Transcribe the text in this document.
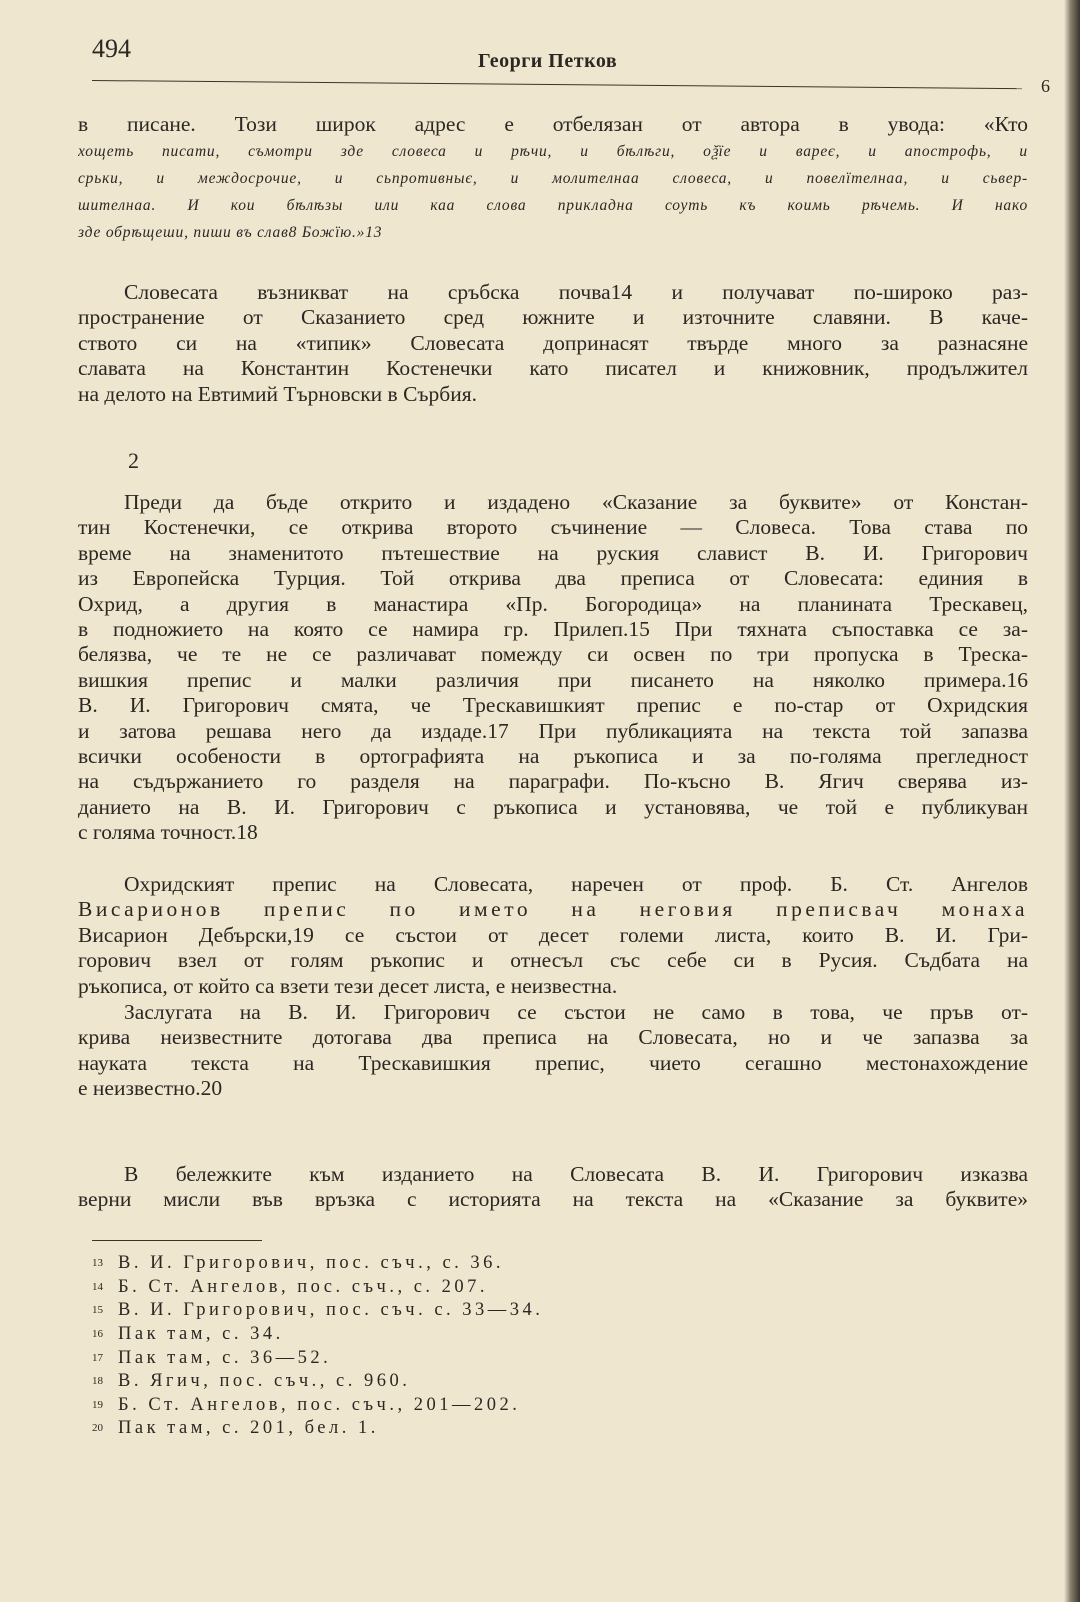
494	Георги Петков
6
в писане. Този широк адрес е отбелязан от автора в увода: «Кто
хощеть писати, съмотри зде словеса и рѣчи, и бѣлѣги, оѯїе и вареє, и апострофь, и
срьки, и междосрочие, и сьпротивныє, и молителнаа словеса, и повелїтелнаа, и сьвер-
шителнаа. И кои бѣлѣзы или каа слова прикладна соуть къ коимь рѣчемь. И нако
зде обрѣщеши, пиши въ слав8 Божїю.»13
Словесата възникват на сръбска почва14 и получават по-широко раз-
пространение от Сказанието сред южните и източните славяни. В каче-
ството си на «типик» Словесата допринасят твърде много за разнасяне
славата на Константин Костенечки като писател и книжовник, продължител
на делото на Евтимий Търновски в Сърбия.
2
Преди да бъде открито и издадено «Сказание за буквите» от Констан-
тин Костенечки, се открива второто съчинение — Словеса. Това става по
време на знаменитото пътешествие на руския славист В. И. Григорович
из Европейска Турция. Той открива два преписа от Словесата: единия в
Охрид, а другия в манастира «Пр. Богородица» на планината Трескавец,
в подножието на която се намира гр. Прилеп.15 При тяхната съпоставка се за-
белязва, че те не се различават помежду си освен по три пропуска в Треска-
вишкия препис и малки различия при писането на няколко примера.16
В. И. Григорович смята, че Трескавишкият препис е по-стар от Охридския
и затова решава него да издаде.17 При публикацията на текста той запазва
всички особености в ортографията на ръкописа и за по-голяма прегледност
на съдържанието го разделя на параграфи. По-късно В. Ягич сверява из-
данието на В. И. Григорович с ръкописа и установява, че той е публикуван
с голяма точност.18
Охридският препис на Словесата, наречен от проф. Б. Ст. Ангелов
Висарионов препис по името на неговия преписвач монаха
Висарион Дебърски,19 се състои от десет големи листа, които В. И. Гри-
горович взел от голям ръкопис и отнесъл със себе си в Русия. Съдбата на
ръкописа, от който са взети тези десет листа, е неизвестна.
Заслугата на В. И. Григорович се състои не само в това, че пръв от-
крива неизвестните дотогава два преписа на Словесата, но и че запазва за
науката текста на Трескавишкия препис, чието сегашно местонахождение
е неизвестно.20
В бележките към изданието на Словесата В. И. Григорович изказва
верни мисли във връзка с историята на текста на «Сказание за буквите»
13 В. И. Григорович, пос. съч., с. 36.
14 Б. Ст. Ангелов, пос. съч., с. 207.
15 В. И. Григорович, пос. съч. с. 33—34.
16 Пак там, с. 34.
17 Пак там, с. 36—52.
18 В. Ягич, пос. съч., с. 960.
19 Б. Ст. Ангелов, пос. съч., 201—202.
20 Пак там, с. 201, бел. 1.
